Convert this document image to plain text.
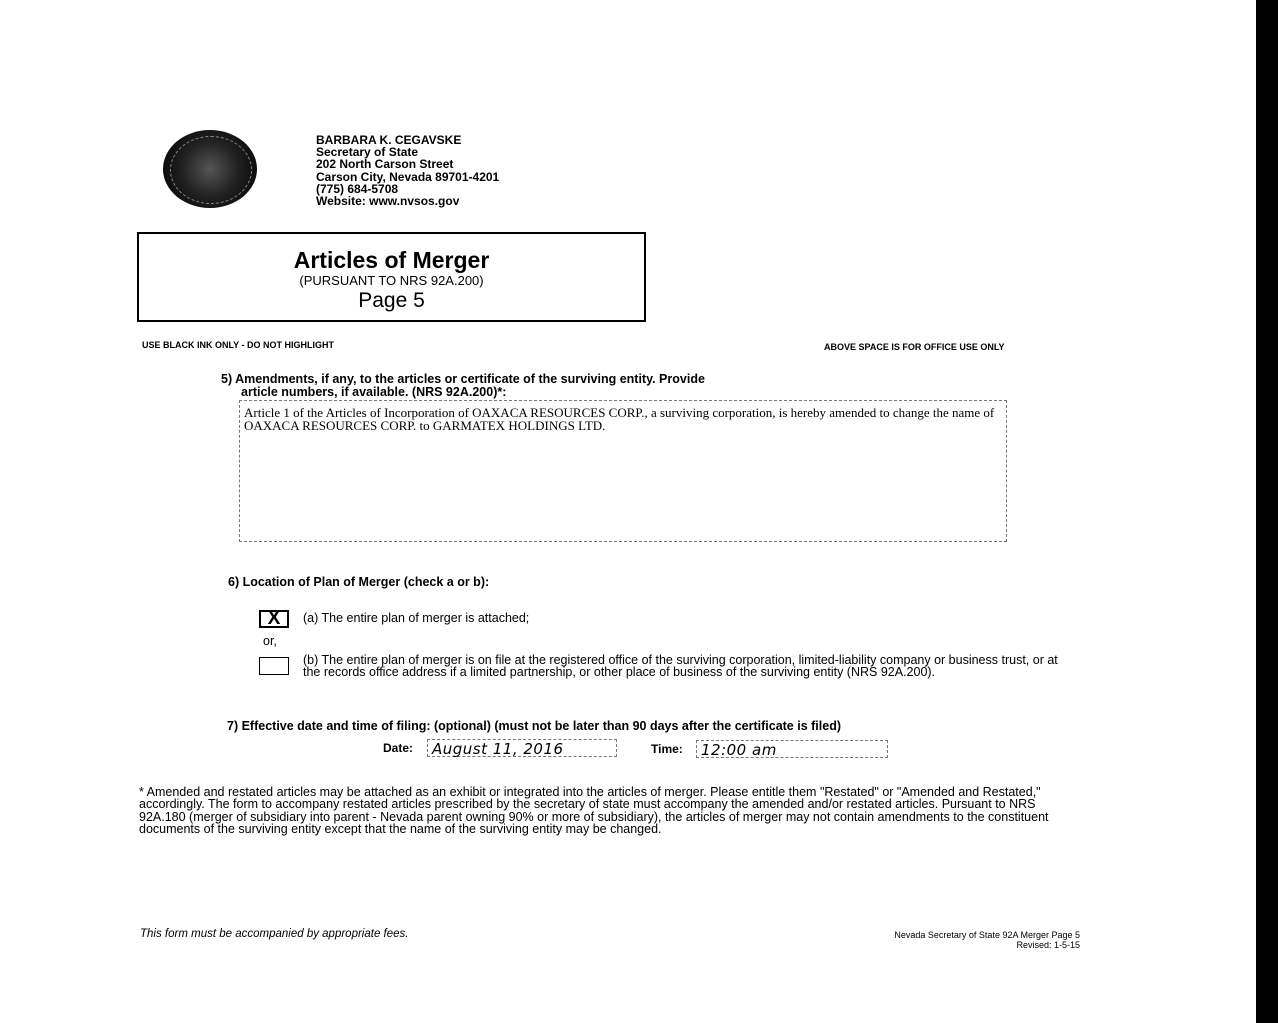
BARBARA K. CEGAVSKE
Secretary of State
202 North Carson Street
Carson City, Nevada 89701-4201
(775) 684-5708
Website: www.nvsos.gov
Articles of Merger
(PURSUANT TO NRS 92A.200)
Page 5
USE BLACK INK ONLY - DO NOT HIGHLIGHT	ABOVE SPACE IS FOR OFFICE USE ONLY
5) Amendments, if any, to the articles or certificate of the surviving entity. Provide
article numbers, if available. (NRS 92A.200)*:
Article 1 of the Articles of Incorporation of OAXACA RESOURCES CORP., a surviving corporation, is hereby amended to change the name of OAXACA RESOURCES CORP. to GARMATEX HOLDINGS LTD.
6) Location of Plan of Merger (check a or b):
X	(a) The entire plan of merger is attached;
or,
(b) The entire plan of merger is on file at the registered office of the surviving corporation, limited-liability company or business trust, or at the records office address if a limited partnership, or other place of business of the surviving entity (NRS 92A.200).
7) Effective date and time of filing: (optional) (must not be later than 90 days after the certificate is filed)
Date:	August 11, 2016	Time:	12:00 am
* Amended and restated articles may be attached as an exhibit or integrated into the articles of merger. Please entitle them "Restated" or "Amended and Restated," accordingly. The form to accompany restated articles prescribed by the secretary of state must accompany the amended and/or restated articles. Pursuant to NRS 92A.180 (merger of subsidiary into parent - Nevada parent owning 90% or more of subsidiary), the articles of merger may not contain amendments to the constituent documents of the surviving entity except that the name of the surviving entity may be changed.
This form must be accompanied by appropriate fees.	Nevada Secretary of State 92A Merger Page 5
Revised: 1-5-15
